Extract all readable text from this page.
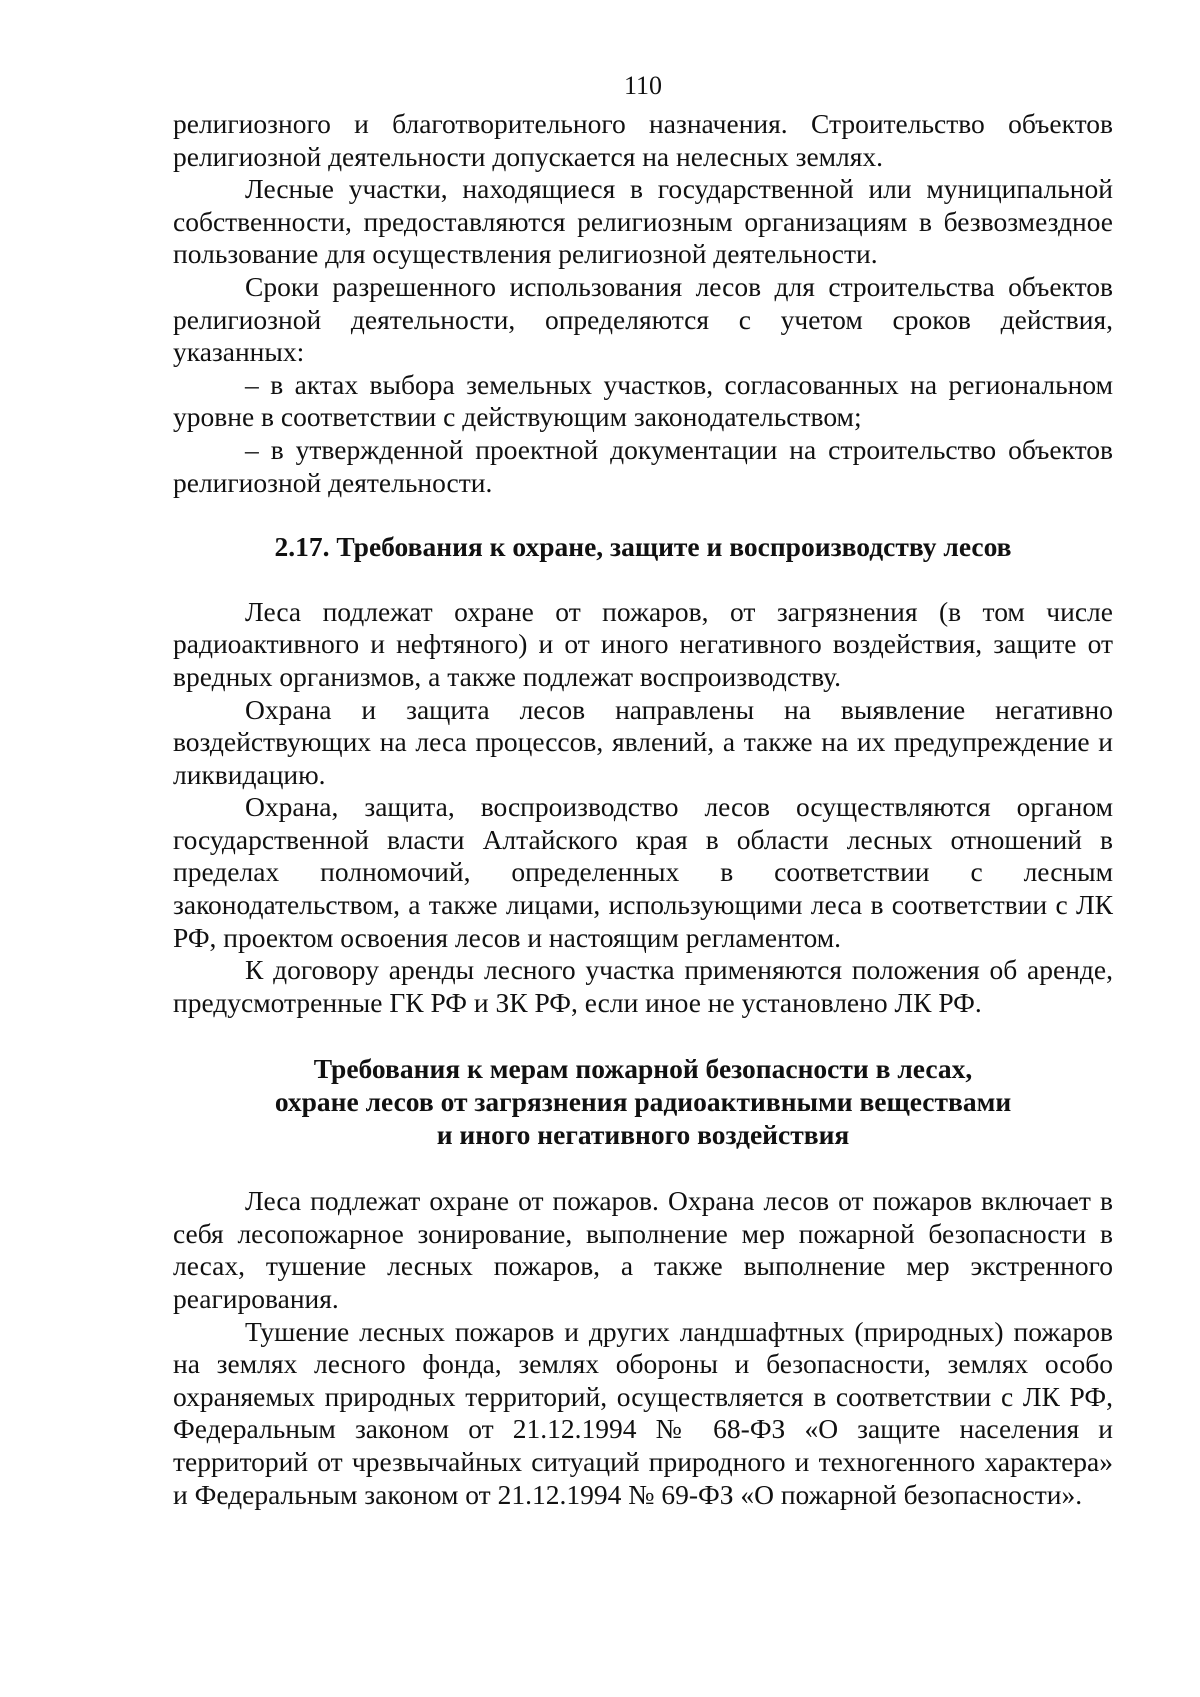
110

религиозного и благотворительного назначения. Строительство объектов религиозной деятельности допускается на нелесных землях.

Лесные участки, находящиеся в государственной или муниципальной собственности, предоставляются религиозным организациям в безвозмездное пользование для осуществления религиозной деятельности.

Сроки разрешенного использования лесов для строительства объектов религиозной деятельности, определяются с учетом сроков действия, указанных:

– в актах выбора земельных участков, согласованных на региональном уровне в соответствии с действующим законодательством;

– в утвержденной проектной документации на строительство объектов религиозной деятельности.

2.17. Требования к охране, защите и воспроизводству лесов

Леса подлежат охране от пожаров, от загрязнения (в том числе радиоактивного и нефтяного) и от иного негативного воздействия, защите от вредных организмов, а также подлежат воспроизводству.

Охрана и защита лесов направлены на выявление негативно воздействующих на леса процессов, явлений, а также на их предупреждение и ликвидацию.

Охрана, защита, воспроизводство лесов осуществляются органом государственной власти Алтайского края в области лесных отношений в пределах полномочий, определенных в соответствии с лесным законодательством, а также лицами, использующими леса в соответствии с ЛК РФ, проектом освоения лесов и настоящим регламентом.

К договору аренды лесного участка применяются положения об аренде, предусмотренные ГК РФ и ЗК РФ, если иное не установлено ЛК РФ.

Требования к мерам пожарной безопасности в лесах,
охране лесов от загрязнения радиоактивными веществами
и иного негативного воздействия

Леса подлежат охране от пожаров. Охрана лесов от пожаров включает в себя лесопожарное зонирование, выполнение мер пожарной безопасности в лесах, тушение лесных пожаров, а также выполнение мер экстренного реагирования.

Тушение лесных пожаров и других ландшафтных (природных) пожаров на землях лесного фонда, землях обороны и безопасности, землях особо охраняемых природных территорий, осуществляется в соответствии с ЛК РФ, Федеральным законом от 21.12.1994 № 68-ФЗ «О защите населения и территорий от чрезвычайных ситуаций природного и техногенного характера» и Федеральным законом от 21.12.1994 № 69-ФЗ «О пожарной безопасности».
